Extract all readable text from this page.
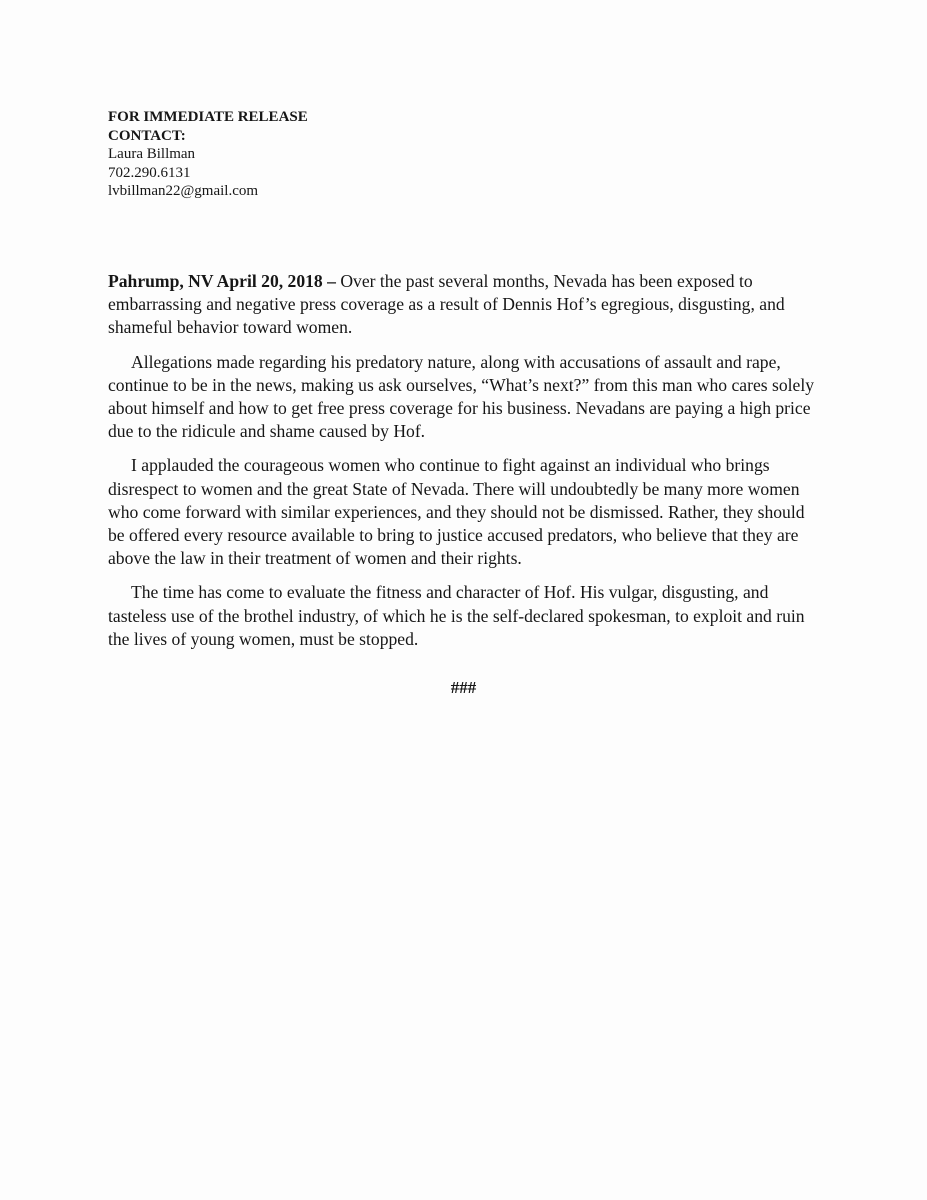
FOR IMMEDIATE RELEASE
CONTACT:
Laura Billman
702.290.6131
lvbillman22@gmail.com

Pahrump, NV April 20, 2018 – Over the past several months, Nevada has been exposed to embarrassing and negative press coverage as a result of Dennis Hof’s egregious, disgusting, and shameful behavior toward women.

Allegations made regarding his predatory nature, along with accusations of assault and rape, continue to be in the news, making us ask ourselves, “What’s next?” from this man who cares solely about himself and how to get free press coverage for his business. Nevadans are paying a high price due to the ridicule and shame caused by Hof.

I applauded the courageous women who continue to fight against an individual who brings disrespect to women and the great State of Nevada. There will undoubtedly be many more women who come forward with similar experiences, and they should not be dismissed. Rather, they should be offered every resource available to bring to justice accused predators, who believe that they are above the law in their treatment of women and their rights.

The time has come to evaluate the fitness and character of Hof. His vulgar, disgusting, and tasteless use of the brothel industry, of which he is the self-declared spokesman, to exploit and ruin the lives of young women, must be stopped.

###
